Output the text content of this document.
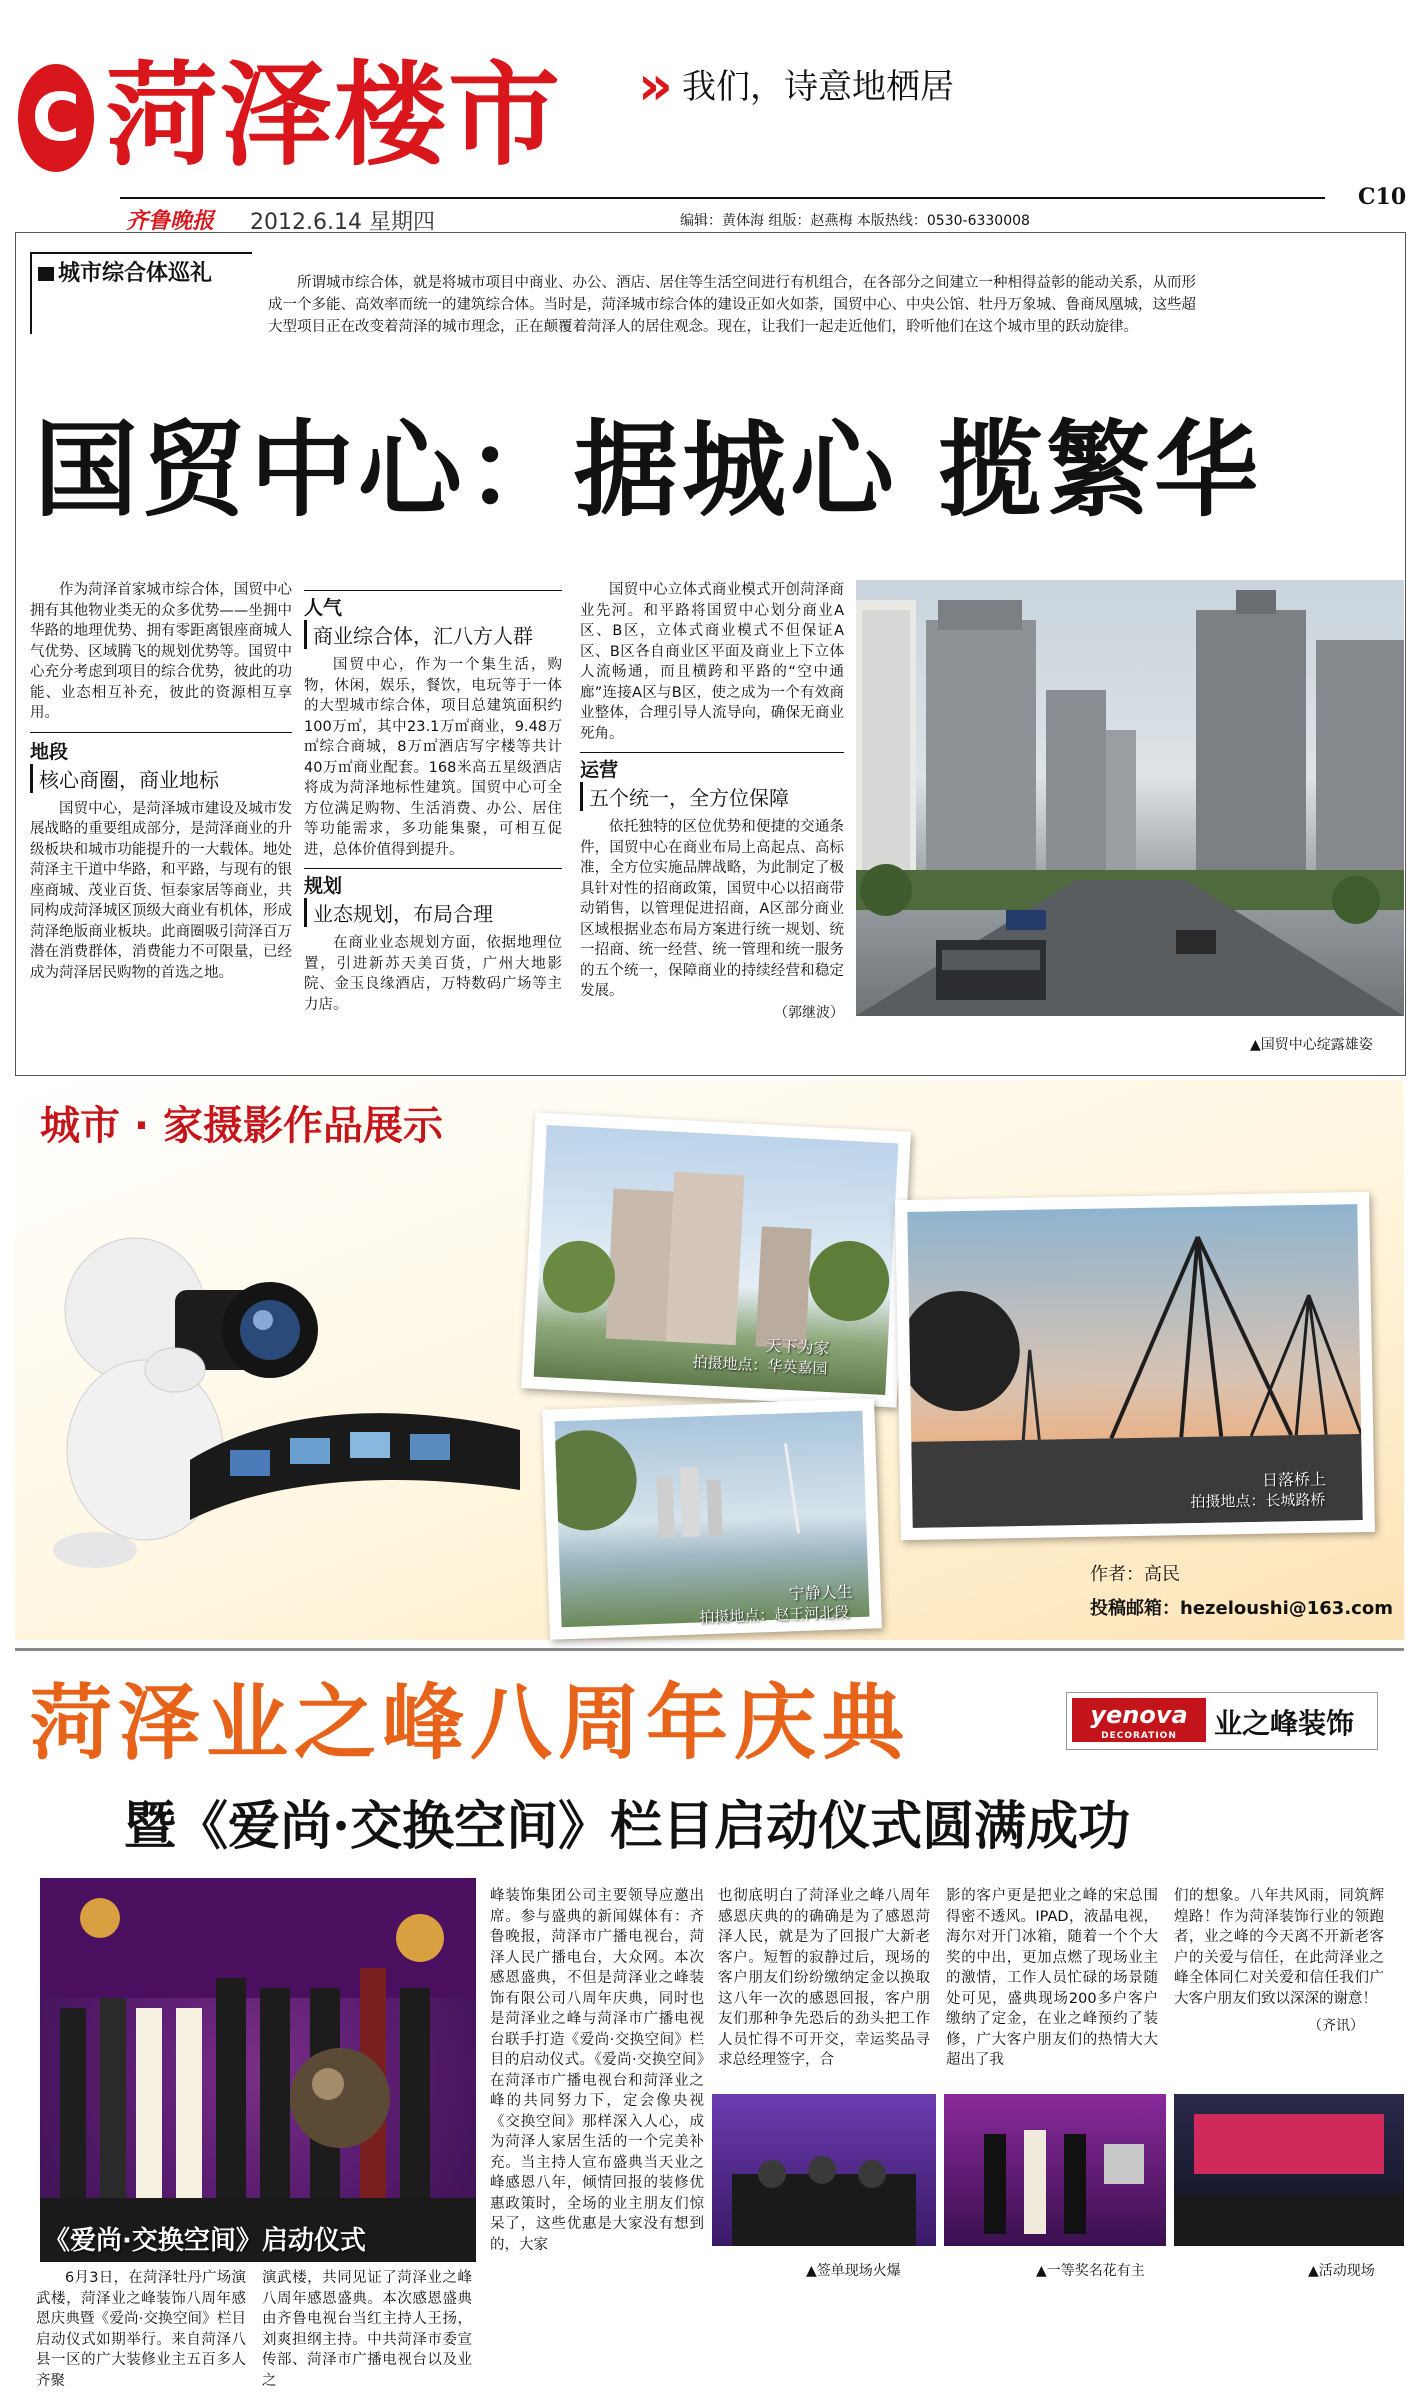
C 菏泽楼市 » 我们，诗意地栖居
齐鲁晚报 2012.6.14 星期四	编辑：黄体海 组版：赵燕梅 本版热线：0530-6330008
C10
城市综合体巡礼	所谓城市综合体，就是将城市项目中商业、办公、酒店、居住等生活空间进行有机组合，在各部分之间建立一种相得益彰的能动关系，从而形成一个多能、高效率而统一的建筑综合体。当时是，菏泽城市综合体的建设正如火如荼，国贸中心、中央公馆、牡丹万象城、鲁商凤凰城，这些超大型项目正在改变着菏泽的城市理念，正在颠覆着菏泽人的居住观念。现在，让我们一起走近他们，聆听他们在这个城市里的跃动旋律。

国贸中心：据城心 揽繁华

作为菏泽首家城市综合体，国贸中心拥有其他物业类无的众多优势——坐拥中华路的地理优势、拥有零距离银座商城人气优势、区域腾飞的规划优势等。国贸中心充分考虑到项目的综合优势，彼此的功能、业态相互补充，彼此的资源相互享用。

地段
核心商圈，商业地标

国贸中心，是菏泽城市建设及城市发展战略的重要组成部分，是菏泽商业的升级板块和城市功能提升的一大载体。地处菏泽主干道中华路，和平路，与现有的银座商城、茂业百货、恒泰家居等商业，共同构成菏泽城区顶级大商业有机体，形成菏泽绝版商业板块。此商圈吸引菏泽百万潜在消费群体，消费能力不可限量，已经成为菏泽居民购物的首选之地。

人气
商业综合体，汇八方人群

国贸中心，作为一个集生活，购物，休闲，娱乐，餐饮，电玩等于一体的大型城市综合体，项目总建筑面积约100万㎡，其中23.1万㎡商业，9.48万㎡综合商城，8万㎡酒店写字楼等共计40万㎡商业配套。168米高五星级酒店将成为菏泽地标性建筑。国贸中心可全方位满足购物、生活消费、办公、居住等功能需求，多功能集聚，可相互促进，总体价值得到提升。

规划
业态规划，布局合理

在商业业态规划方面，依据地理位置，引进新苏天美百货，广州大地影院、金玉良缘酒店，万特数码广场等主力店。

国贸中心立体式商业模式开创菏泽商业先河。和平路将国贸中心划分商业A区、B区，立体式商业模式不但保证A区、B区各自商业区平面及商业上下立体人流畅通，而且横跨和平路的“空中通廊”连接A区与B区，使之成为一个有效商业整体，合理引导人流导向，确保无商业死角。

运营
五个统一，全方位保障

依托独特的区位优势和便捷的交通条件，国贸中心在商业布局上高起点、高标准，全方位实施品牌战略，为此制定了极具针对性的招商政策，国贸中心以招商带动销售，以管理促进招商，A区部分商业区域根据业态布局方案进行统一规划、统一招商、统一经营、统一管理和统一服务的五个统一，保障商业的持续经营和稳定发展。

（郭继波）
▲国贸中心绽露雄姿
城市 · 家摄影作品展示
天下为家
拍摄地点：华英嘉园
日落桥上
拍摄地点：长城路桥
宁静人生
拍摄地点：赵王河北段
作者：高民
投稿邮箱：hezeloushi@163.com
菏泽业之峰八周年庆典	yenova
DECORATION	业之峰装饰
暨《爱尚·交换空间》栏目启动仪式圆满成功
《爱尚·交换空间》启动仪式

6月3日，在菏泽牡丹广场演武楼，菏泽业之峰装饰八周年感恩庆典暨《爱尚·交换空间》栏目启动仪式如期举行。来自菏泽八县一区的广大装修业主五百多人齐聚

演武楼，共同见证了菏泽业之峰八周年感恩盛典。本次感恩盛典由齐鲁电视台当红主持人王扬，刘爽担纲主持。中共菏泽市委宣传部、菏泽市广播电视台以及业之

峰装饰集团公司主要领导应邀出席。参与盛典的新闻媒体有：齐鲁晚报，菏泽市广播电视台，菏泽人民广播电台，大众网。本次感恩盛典，不但是菏泽业之峰装饰有限公司八周年庆典，同时也是菏泽业之峰与菏泽市广播电视台联手打造《爱尚·交换空间》栏目的启动仪式。《爱尚·交换空间》在菏泽市广播电视台和菏泽业之峰的共同努力下，定会像央视《交换空间》那样深入人心，成为菏泽人家居生活的一个完美补充。当主持人宣布盛典当天业之峰感恩八年，倾情回报的装修优惠政策时，全场的业主朋友们惊呆了，这些优惠是大家没有想到的，大家

也彻底明白了菏泽业之峰八周年感恩庆典的的确确是为了感恩菏泽人民，就是为了回报广大新老客户。短暂的寂静过后，现场的客户朋友们纷纷缴纳定金以换取这八年一次的感恩回报，客户朋友们那种争先恐后的劲头把工作人员忙得不可开交，幸运奖品寻求总经理签字，合

影的客户更是把业之峰的宋总围得密不透风。IPAD，液晶电视，海尔对开门冰箱，随着一个个大奖的中出，更加点燃了现场业主的激情，工作人员忙碌的场景随处可见，盛典现场200多户客户缴纳了定金，在业之峰预约了装修，广大客户朋友们的热情大大超出了我

们的想象。八年共风雨，同筑辉煌路！作为菏泽装饰行业的领跑者，业之峰的今天离不开新老客户的关爱与信任，在此菏泽业之峰全体同仁对关爱和信任我们广大客户朋友们致以深深的谢意！

（齐讯）
▲签单现场火爆	▲一等奖名花有主	▲活动现场
